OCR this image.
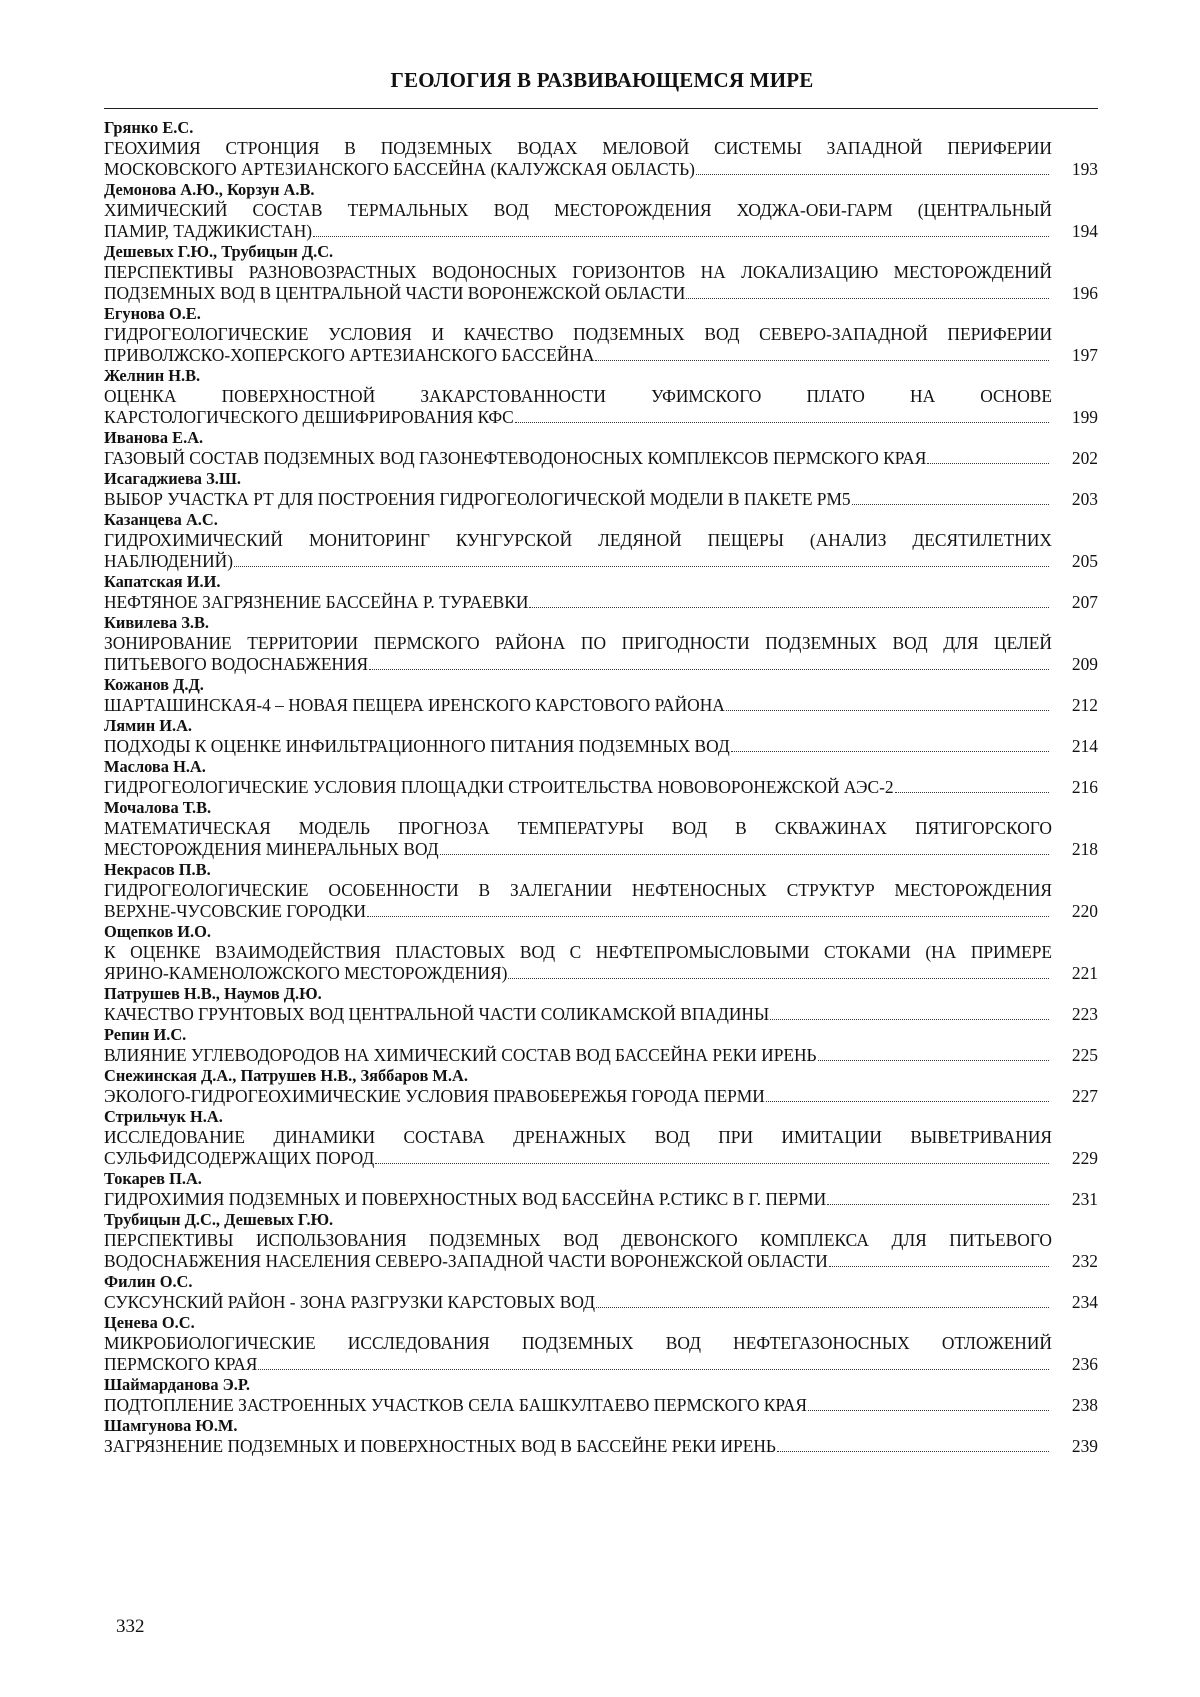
ГЕОЛОГИЯ В РАЗВИВАЮЩЕМСЯ МИРЕ
Грянко Е.С.
ГЕОХИМИЯ СТРОНЦИЯ В ПОДЗЕМНЫХ ВОДАХ МЕЛОВОЙ СИСТЕМЫ ЗАПАДНОЙ ПЕРИФЕРИИ
МОСКОВСКОГО АРТЕЗИАНСКОГО БАССЕЙНА (КАЛУЖСКАЯ ОБЛАСТЬ)	193
Демонова А.Ю., Корзун А.В.
ХИМИЧЕСКИЙ СОСТАВ ТЕРМАЛЬНЫХ ВОД МЕСТОРОЖДЕНИЯ ХОДЖА-ОБИ-ГАРМ (ЦЕНТРАЛЬНЫЙ
ПАМИР, ТАДЖИКИСТАН)	194
Дешевых Г.Ю., Трубицын Д.С.
ПЕРСПЕКТИВЫ РАЗНОВОЗРАСТНЫХ ВОДОНОСНЫХ ГОРИЗОНТОВ НА ЛОКАЛИЗАЦИЮ МЕСТОРОЖДЕНИЙ
ПОДЗЕМНЫХ ВОД В ЦЕНТРАЛЬНОЙ ЧАСТИ ВОРОНЕЖСКОЙ ОБЛАСТИ	196
Егунова О.Е.
ГИДРОГЕОЛОГИЧЕСКИЕ УСЛОВИЯ И КАЧЕСТВО ПОДЗЕМНЫХ ВОД СЕВЕРО-ЗАПАДНОЙ ПЕРИФЕРИИ
ПРИВОЛЖСКО-ХОПЕРСКОГО АРТЕЗИАНСКОГО БАССЕЙНА	197
Желнин Н.В.
ОЦЕНКА ПОВЕРХНОСТНОЙ ЗАКАРСТОВАННОСТИ УФИМСКОГО ПЛАТО НА ОСНОВЕ
КАРСТОЛОГИЧЕСКОГО ДЕШИФРИРОВАНИЯ КФС	199
Иванова Е.А.
ГАЗОВЫЙ СОСТАВ ПОДЗЕМНЫХ ВОД ГАЗОНЕФТЕВОДОНОСНЫХ КОМПЛЕКСОВ ПЕРМСКОГО КРАЯ	202
Исагаджиева З.Ш.
ВЫБОР УЧАСТКА РТ ДЛЯ ПОСТРОЕНИЯ ГИДРОГЕОЛОГИЧЕСКОЙ МОДЕЛИ В ПАКЕТЕ PM5	203
Казанцева А.С.
ГИДРОХИМИЧЕСКИЙ МОНИТОРИНГ КУНГУРСКОЙ ЛЕДЯНОЙ ПЕЩЕРЫ (АНАЛИЗ ДЕСЯТИЛЕТНИХ
НАБЛЮДЕНИЙ)	205
Капатская И.И.
НЕФТЯНОЕ ЗАГРЯЗНЕНИЕ БАССЕЙНА Р. ТУРАЕВКИ	207
Кивилева З.В.
ЗОНИРОВАНИЕ ТЕРРИТОРИИ ПЕРМСКОГО РАЙОНА ПО ПРИГОДНОСТИ ПОДЗЕМНЫХ ВОД ДЛЯ ЦЕЛЕЙ
ПИТЬЕВОГО ВОДОСНАБЖЕНИЯ	209
Кожанов Д.Д.
ШАРТАШИНСКАЯ-4 – НОВАЯ ПЕЩЕРА ИРЕНСКОГО КАРСТОВОГО РАЙОНА	212
Лямин И.А.
ПОДХОДЫ К ОЦЕНКЕ ИНФИЛЬТРАЦИОННОГО ПИТАНИЯ ПОДЗЕМНЫХ ВОД	214
Маслова Н.А.
ГИДРОГЕОЛОГИЧЕСКИЕ УСЛОВИЯ ПЛОЩАДКИ СТРОИТЕЛЬСТВА НОВОВОРОНЕЖСКОЙ АЭС-2	216
Мочалова Т.В.
МАТЕМАТИЧЕСКАЯ МОДЕЛЬ ПРОГНОЗА ТЕМПЕРАТУРЫ ВОД В СКВАЖИНАХ ПЯТИГОРСКОГО
МЕСТОРОЖДЕНИЯ МИНЕРАЛЬНЫХ ВОД	218
Некрасов П.В.
ГИДРОГЕОЛОГИЧЕСКИЕ ОСОБЕННОСТИ В ЗАЛЕГАНИИ НЕФТЕНОСНЫХ СТРУКТУР МЕСТОРОЖДЕНИЯ
ВЕРХНЕ-ЧУСОВСКИЕ ГОРОДКИ	220
Ощепков И.О.
К ОЦЕНКЕ ВЗАИМОДЕЙСТВИЯ ПЛАСТОВЫХ ВОД С НЕФТЕПРОМЫСЛОВЫМИ СТОКАМИ (НА ПРИМЕРЕ
ЯРИНО-КАМЕНОЛОЖСКОГО МЕСТОРОЖДЕНИЯ)	221
Патрушев Н.В., Наумов Д.Ю.
КАЧЕСТВО ГРУНТОВЫХ ВОД ЦЕНТРАЛЬНОЙ ЧАСТИ СОЛИКАМСКОЙ ВПАДИНЫ	223
Репин И.С.
ВЛИЯНИЕ УГЛЕВОДОРОДОВ НА ХИМИЧЕСКИЙ СОСТАВ ВОД БАССЕЙНА РЕКИ ИРЕНЬ	225
Снежинская Д.А., Патрушев Н.В., Зяббаров М.А.
ЭКОЛОГО-ГИДРОГЕОХИМИЧЕСКИЕ УСЛОВИЯ ПРАВОБЕРЕЖЬЯ ГОРОДА ПЕРМИ	227
Стрильчук Н.А.
ИССЛЕДОВАНИЕ ДИНАМИКИ СОСТАВА ДРЕНАЖНЫХ ВОД ПРИ ИМИТАЦИИ ВЫВЕТРИВАНИЯ
СУЛЬФИДСОДЕРЖАЩИХ ПОРОД	229
Токарев П.А.
ГИДРОХИМИЯ ПОДЗЕМНЫХ И ПОВЕРХНОСТНЫХ ВОД БАССЕЙНА Р.СТИКС В Г. ПЕРМИ	231
Трубицын Д.С., Дешевых Г.Ю.
ПЕРСПЕКТИВЫ ИСПОЛЬЗОВАНИЯ ПОДЗЕМНЫХ ВОД ДЕВОНСКОГО КОМПЛЕКСА ДЛЯ ПИТЬЕВОГО
ВОДОСНАБЖЕНИЯ НАСЕЛЕНИЯ СЕВЕРО-ЗАПАДНОЙ ЧАСТИ ВОРОНЕЖСКОЙ ОБЛАСТИ	232
Филин О.С.
СУКСУНСКИЙ РАЙОН - ЗОНА РАЗГРУЗКИ КАРСТОВЫХ ВОД	234
Ценева О.С.
МИКРОБИОЛОГИЧЕСКИЕ ИССЛЕДОВАНИЯ ПОДЗЕМНЫХ ВОД НЕФТЕГАЗОНОСНЫХ ОТЛОЖЕНИЙ
ПЕРМСКОГО КРАЯ	236
Шаймарданова Э.Р.
ПОДТОПЛЕНИЕ ЗАСТРОЕННЫХ УЧАСТКОВ СЕЛА БАШКУЛТАЕВО ПЕРМСКОГО КРАЯ	238
Шамгунова Ю.М.
ЗАГРЯЗНЕНИЕ ПОДЗЕМНЫХ И ПОВЕРХНОСТНЫХ ВОД В БАССЕЙНЕ РЕКИ ИРЕНЬ	239
332
